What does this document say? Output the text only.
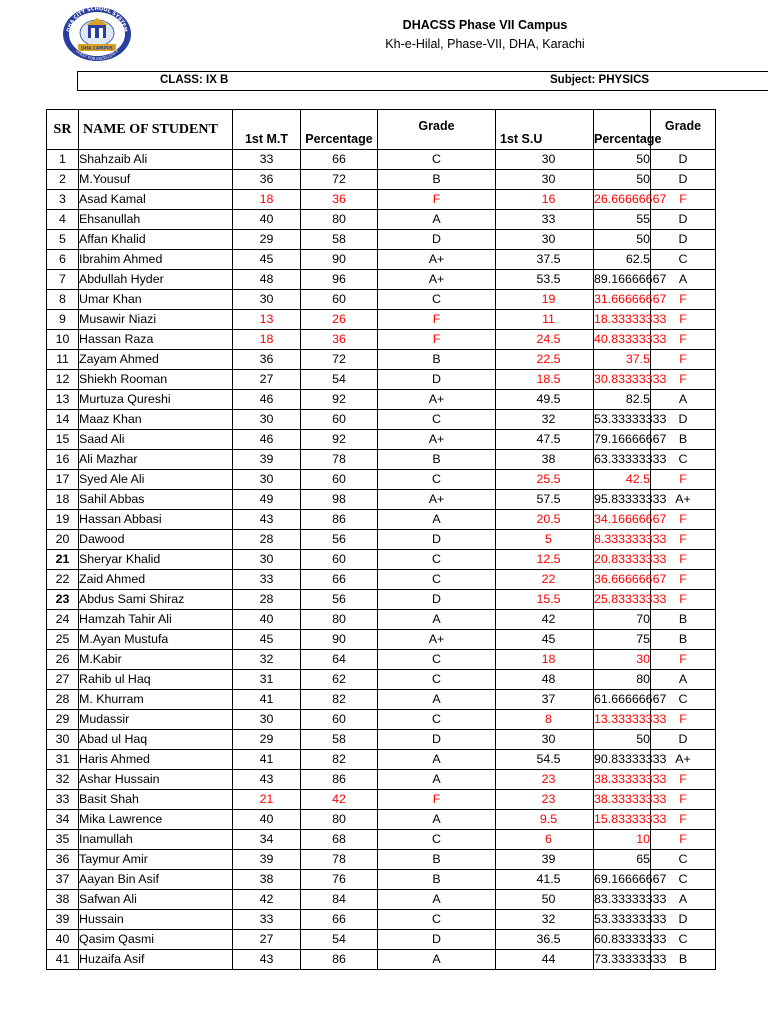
DHA CITY SCHOOL SYSTEM
DHA CAMPUS
QUEST FOR EXCELLENCE
DHACSS Phase VII Campus
Kh-e-Hilal, Phase-VII, DHA, Karachi
CLASS: IX B	Subject: PHYSICS
SR	NAME OF STUDENT	1st M.T	Percentage	Grade	1st S.U	Percentage	Grade
1	Shahzaib Ali	33	66	C	30	50	D
2	M.Yousuf	36	72	B	30	50	D
3	Asad Kamal	18	36	F	16	26.66666667	F
4	Ehsanullah	40	80	A	33	55	D
5	Affan Khalid	29	58	D	30	50	D
6	Ibrahim Ahmed	45	90	A+	37.5	62.5	C
7	Abdullah Hyder	48	96	A+	53.5	89.16666667	A
8	Umar Khan	30	60	C	19	31.66666667	F
9	Musawir Niazi	13	26	F	11	18.33333333	F
10	Hassan Raza	18	36	F	24.5	40.83333333	F
11	Zayam Ahmed	36	72	B	22.5	37.5	F
12	Shiekh Rooman	27	54	D	18.5	30.83333333	F
13	Murtuza Qureshi	46	92	A+	49.5	82.5	A
14	Maaz Khan	30	60	C	32	53.33333333	D
15	Saad Ali	46	92	A+	47.5	79.16666667	B
16	Ali Mazhar	39	78	B	38	63.33333333	C
17	Syed Ale Ali	30	60	C	25.5	42.5	F
18	Sahil Abbas	49	98	A+	57.5	95.83333333	A+
19	Hassan Abbasi	43	86	A	20.5	34.16666667	F
20	Dawood	28	56	D	5	8.333333333	F
21	Sheryar Khalid	30	60	C	12.5	20.83333333	F
22	Zaid Ahmed	33	66	C	22	36.66666667	F
23	Abdus Sami Shiraz	28	56	D	15.5	25.83333333	F
24	Hamzah Tahir Ali	40	80	A	42	70	B
25	M.Ayan Mustufa	45	90	A+	45	75	B
26	M.Kabir	32	64	C	18	30	F
27	Rahib ul Haq	31	62	C	48	80	A
28	M. Khurram	41	82	A	37	61.66666667	C
29	Mudassir	30	60	C	8	13.33333333	F
30	Abad ul Haq	29	58	D	30	50	D
31	Haris Ahmed	41	82	A	54.5	90.83333333	A+
32	Ashar Hussain	43	86	A	23	38.33333333	F
33	Basit Shah	21	42	F	23	38.33333333	F
34	Mika Lawrence	40	80	A	9.5	15.83333333	F
35	Inamullah	34	68	C	6	10	F
36	Taymur Amir	39	78	B	39	65	C
37	Aayan Bin Asif	38	76	B	41.5	69.16666667	C
38	Safwan Ali	42	84	A	50	83.33333333	A
39	Hussain	33	66	C	32	53.33333333	D
40	Qasim Qasmi	27	54	D	36.5	60.83333333	C
41	Huzaifa Asif	43	86	A	44	73.33333333	B
